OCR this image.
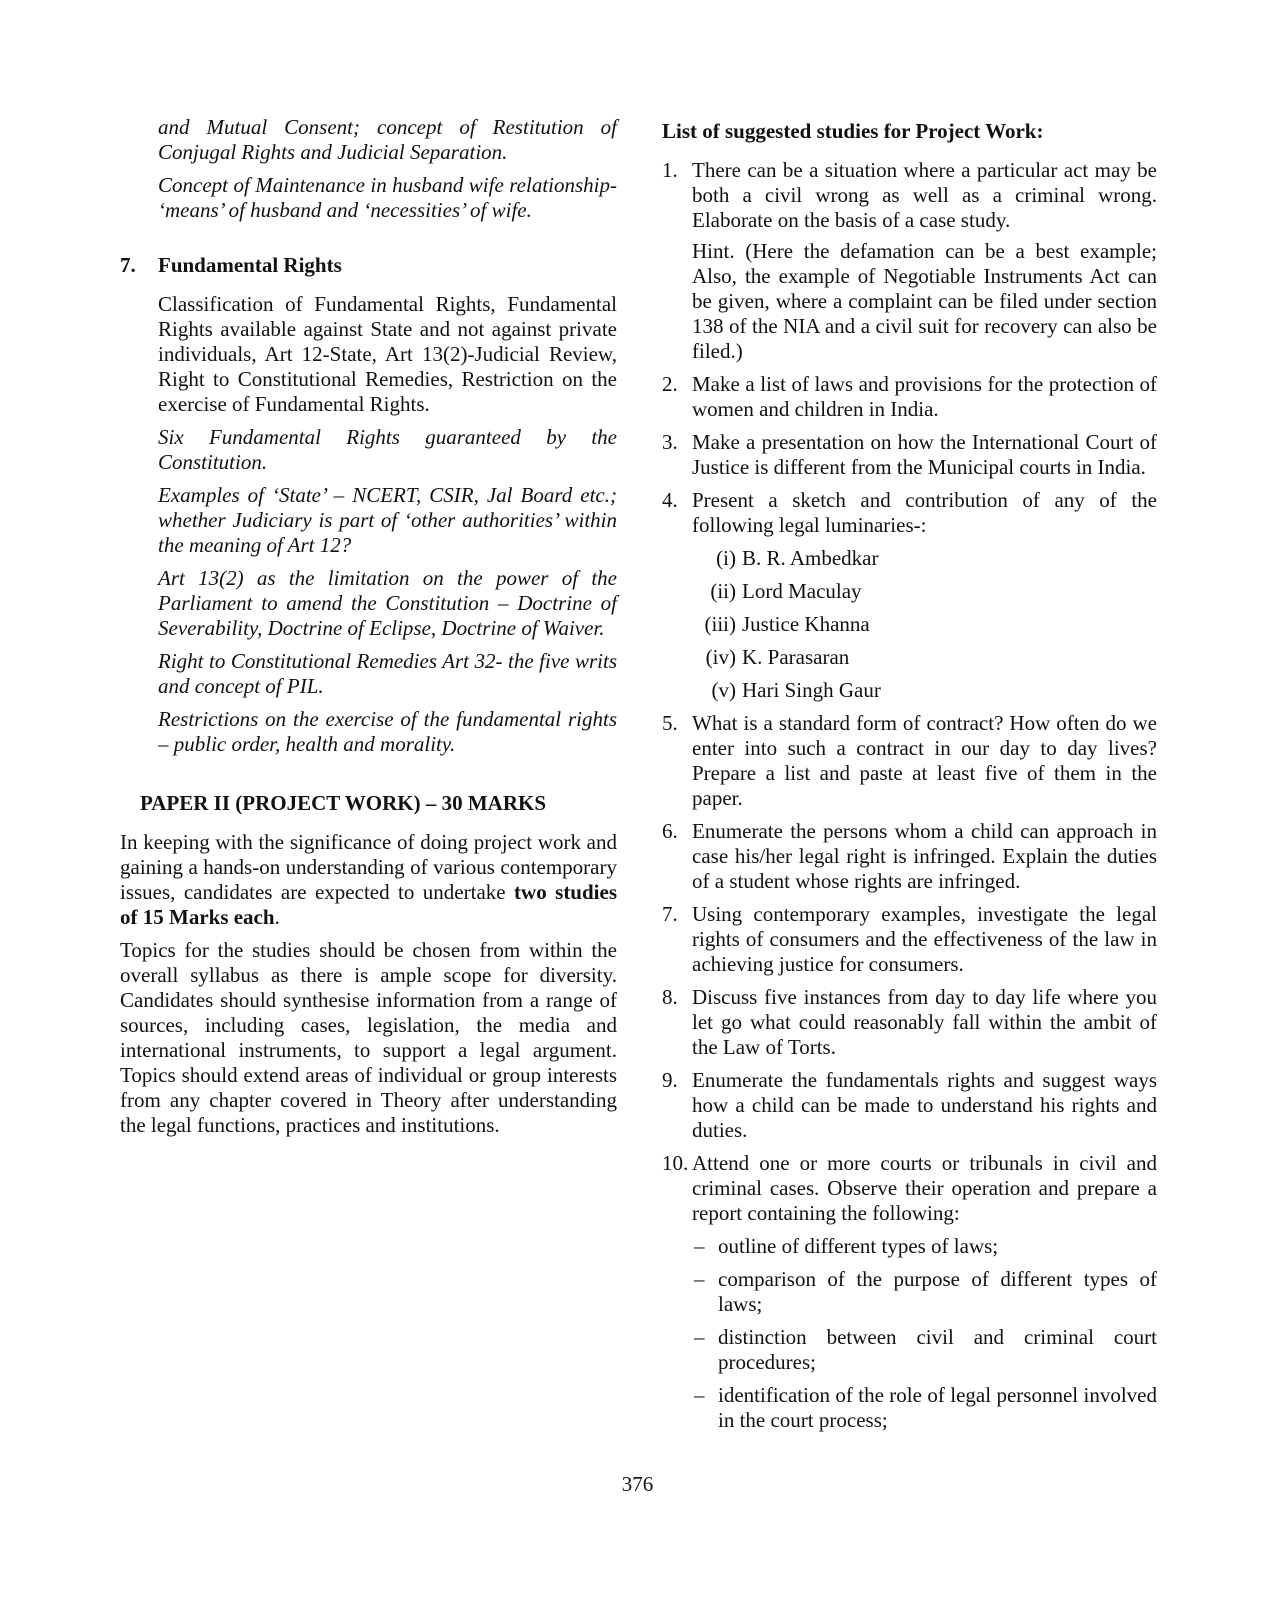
and Mutual Consent; concept of Restitution of Conjugal Rights and Judicial Separation.

Concept of Maintenance in husband wife relationship- ‘means’ of husband and ‘necessities’ of wife.

7.	Fundamental Rights

Classification of Fundamental Rights, Fundamental Rights available against State and not against private individuals, Art 12-State, Art 13(2)-Judicial Review, Right to Constitutional Remedies, Restriction on the exercise of Fundamental Rights.

Six Fundamental Rights guaranteed by the Constitution.

Examples of ‘State’ – NCERT, CSIR, Jal Board etc.; whether Judiciary is part of ‘other authorities’ within the meaning of Art 12?

Art 13(2) as the limitation on the power of the Parliament to amend the Constitution – Doctrine of Severability, Doctrine of Eclipse, Doctrine of Waiver.

Right to Constitutional Remedies Art 32- the five writs and concept of PIL.

Restrictions on the exercise of the fundamental rights – public order, health and morality.

PAPER II (PROJECT WORK) – 30 MARKS

In keeping with the significance of doing project work and gaining a hands-on understanding of various contemporary issues, candidates are expected to undertake two studies of 15 Marks each.

Topics for the studies should be chosen from within the overall syllabus as there is ample scope for diversity. Candidates should synthesise information from a range of sources, including cases, legislation, the media and international instruments, to support a legal argument. Topics should extend areas of individual or group interests from any chapter covered in Theory after understanding the legal functions, practices and institutions.

List of suggested studies for Project Work:
1. There can be a situation where a particular act may be both a civil wrong as well as a criminal wrong. Elaborate on the basis of a case study.

Hint. (Here the defamation can be a best example; Also, the example of Negotiable Instruments Act can be given, where a complaint can be filed under section 138 of the NIA and a civil suit for recovery can also be filed.)

2. Make a list of laws and provisions for the protection of women and children in India.

3. Make a presentation on how the International Court of Justice is different from the Municipal courts in India.

4. Present a sketch and contribution of any of the following legal luminaries-:

(i) B. R. Ambedkar
(ii) Lord Maculay
(iii) Justice Khanna
(iv) K. Parasaran
(v) Hari Singh Gaur
5. What is a standard form of contract? How often do we enter into such a contract in our day to day lives? Prepare a list and paste at least five of them in the paper.

6. Enumerate the persons whom a child can approach in case his/her legal right is infringed. Explain the duties of a student whose rights are infringed.

7. Using contemporary examples, investigate the legal rights of consumers and the effectiveness of the law in achieving justice for consumers.

8. Discuss five instances from day to day life where you let go what could reasonably fall within the ambit of the Law of Torts.

9. Enumerate the fundamentals rights and suggest ways how a child can be made to understand his rights and duties.

10. Attend one or more courts or tribunals in civil and criminal cases. Observe their operation and prepare a report containing the following:

– outline of different types of laws;
– comparison of the purpose of different types of laws;
– distinction between civil and criminal court procedures;
– identification of the role of legal personnel involved in the court process;
376
